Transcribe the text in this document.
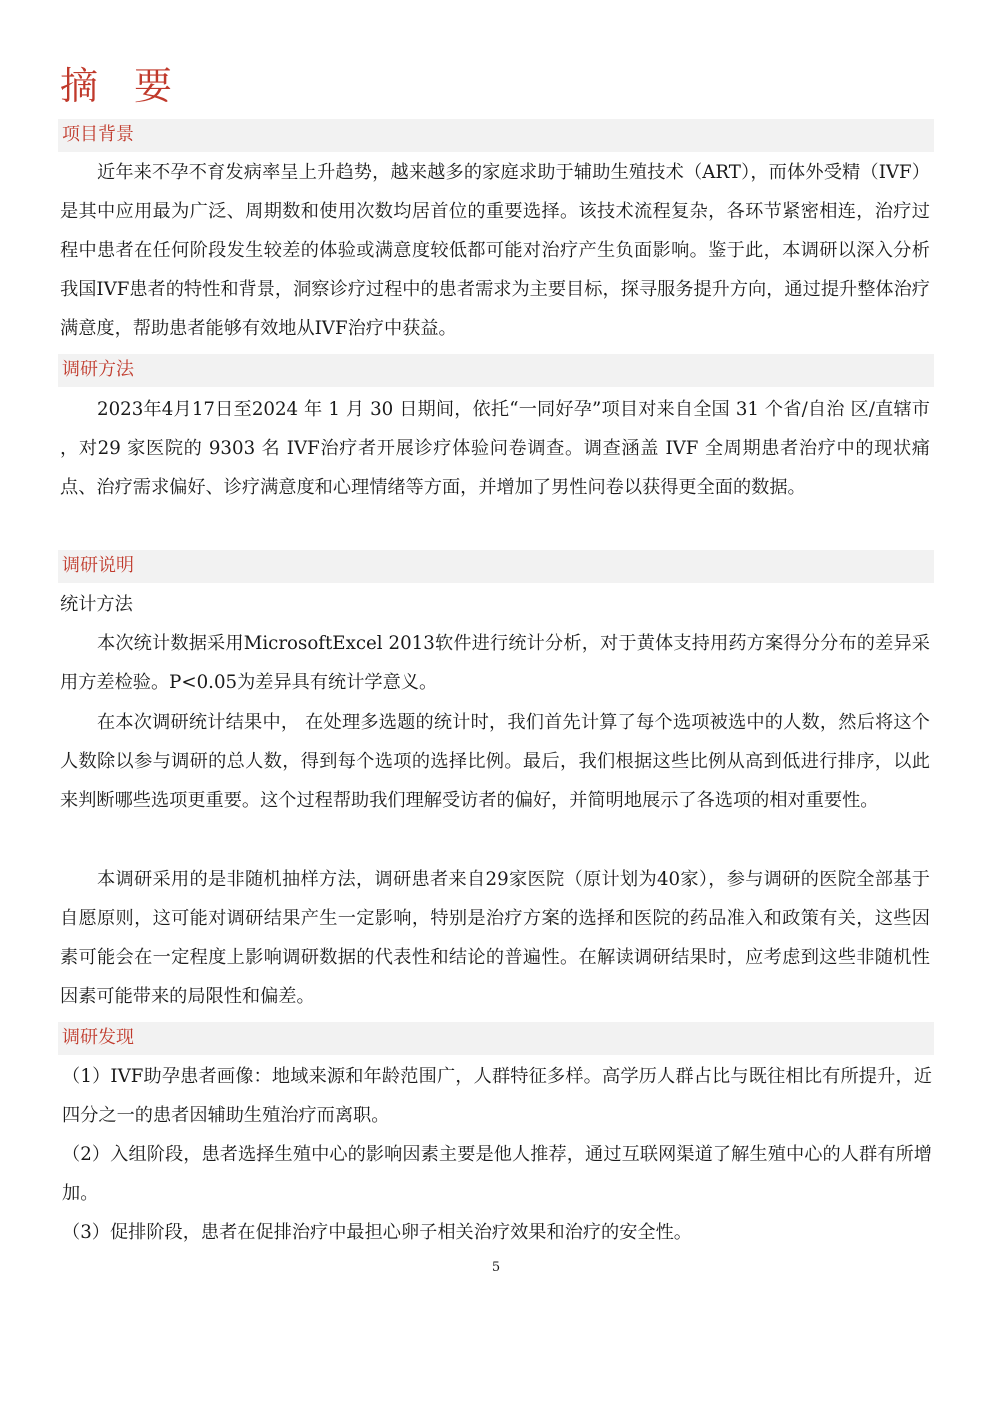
摘 要
项目背景

近年来不孕不育发病率呈上升趋势，越来越多的家庭求助于辅助生殖技术（ART），而体外受精（IVF）是其中应用最为广泛、周期数和使用次数均居首位的重要选择。该技术流程复杂，各环节紧密相连，治疗过程中患者在任何阶段发生较差的体验或满意度较低都可能对治疗产生负面影响。鉴于此，本调研以深入分析我国IVF患者的特性和背景，洞察诊疗过程中的患者需求为主要目标，探寻服务提升方向，通过提升整体治疗满意度，帮助患者能够有效地从IVF治疗中获益。

调研方法

2023年4月17日至2024 年 1 月 30 日期间，依托“一同好孕”项目对来自全国 31 个省/自治 区/直辖市 ，对29 家医院的 9303 名 IVF治疗者开展诊疗体验问卷调查。调查涵盖 IVF 全周期患者治疗中的现状痛点、治疗需求偏好、诊疗满意度和心理情绪等方面，并增加了男性问卷以获得更全面的数据。

调研说明
统计方法

本次统计数据采用MicrosoftExcel 2013软件进行统计分析，对于黄体支持用药方案得分分布的差异采用方差检验。P<0.05为差异具有统计学意义。

在本次调研统计结果中， 在处理多选题的统计时，我们首先计算了每个选项被选中的人数，然后将这个人数除以参与调研的总人数，得到每个选项的选择比例。最后，我们根据这些比例从高到低进行排序，以此来判断哪些选项更重要。这个过程帮助我们理解受访者的偏好，并简明地展示了各选项的相对重要性。

本调研采用的是非随机抽样方法，调研患者来自29家医院（原计划为40家），参与调研的医院全部基于自愿原则，这可能对调研结果产生一定影响，特别是治疗方案的选择和医院的药品准入和政策有关，这些因素可能会在一定程度上影响调研数据的代表性和结论的普遍性。在解读调研结果时，应考虑到这些非随机性因素可能带来的局限性和偏差。

调研发现

（1）IVF助孕患者画像：地域来源和年龄范围广，人群特征多样。高学历人群占比与既往相比有所提升，近四分之一的患者因辅助生殖治疗而离职。

（2）入组阶段，患者选择生殖中心的影响因素主要是他人推荐，通过互联网渠道了解生殖中心的人群有所增加。

（3）促排阶段，患者在促排治疗中最担心卵子相关治疗效果和治疗的安全性。

5
